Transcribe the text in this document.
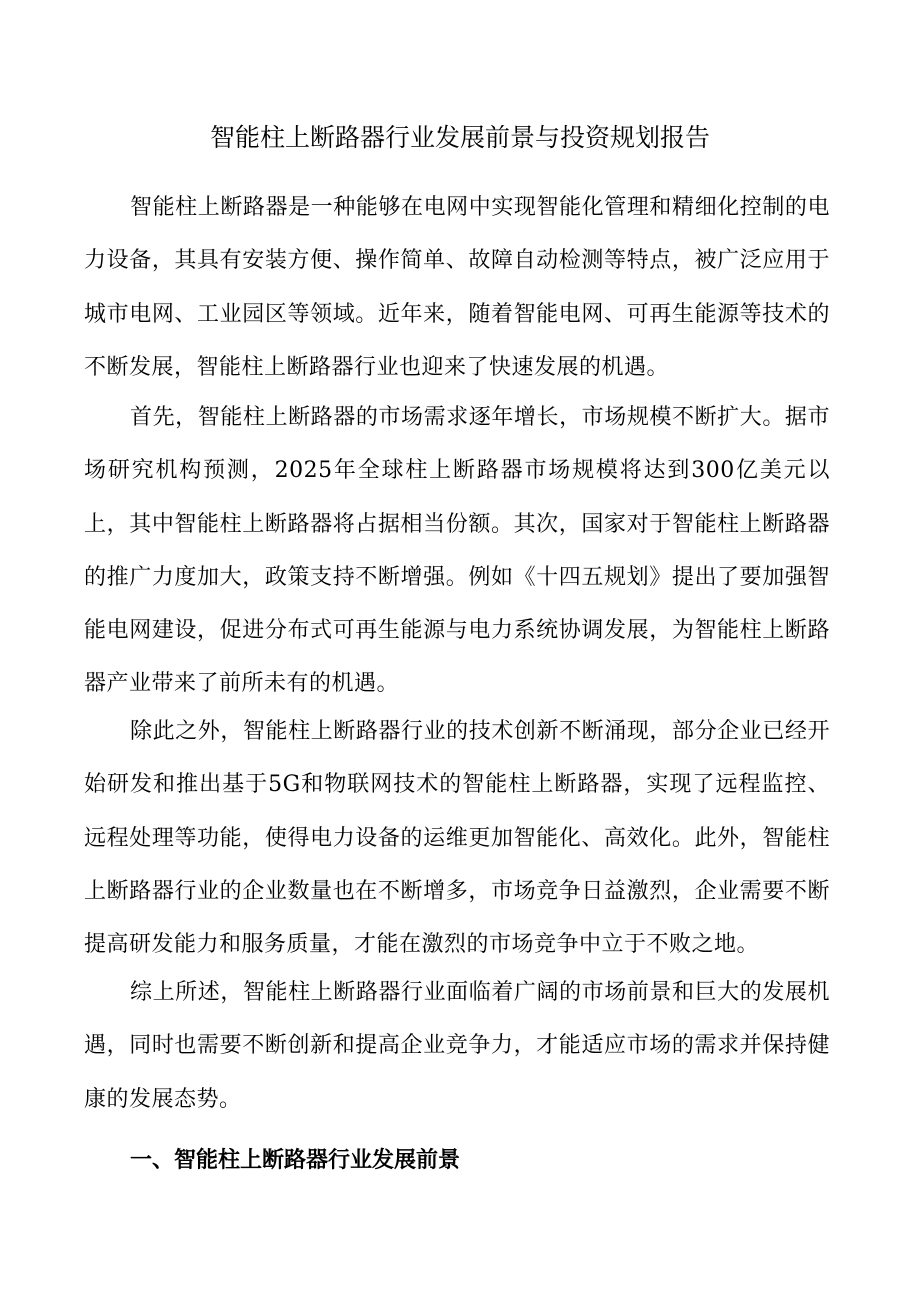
智能柱上断路器行业发展前景与投资规划报告

智能柱上断路器是一种能够在电网中实现智能化管理和精细化控制的电力设备，其具有安装方便、操作简单、故障自动检测等特点，被广泛应用于城市电网、工业园区等领域。近年来，随着智能电网、可再生能源等技术的不断发展，智能柱上断路器行业也迎来了快速发展的机遇。

首先，智能柱上断路器的市场需求逐年增长，市场规模不断扩大。据市场研究机构预测，2025年全球柱上断路器市场规模将达到300亿美元以上，其中智能柱上断路器将占据相当份额。其次，国家对于智能柱上断路器的推广力度加大，政策支持不断增强。例如《十四五规划》提出了要加强智能电网建设，促进分布式可再生能源与电力系统协调发展，为智能柱上断路器产业带来了前所未有的机遇。

除此之外，智能柱上断路器行业的技术创新不断涌现，部分企业已经开始研发和推出基于5G和物联网技术的智能柱上断路器，实现了远程监控、远程处理等功能，使得电力设备的运维更加智能化、高效化。此外，智能柱上断路器行业的企业数量也在不断增多，市场竞争日益激烈，企业需要不断提高研发能力和服务质量，才能在激烈的市场竞争中立于不败之地。

综上所述，智能柱上断路器行业面临着广阔的市场前景和巨大的发展机遇，同时也需要不断创新和提高企业竞争力，才能适应市场的需求并保持健康的发展态势。

一、智能柱上断路器行业发展前景
